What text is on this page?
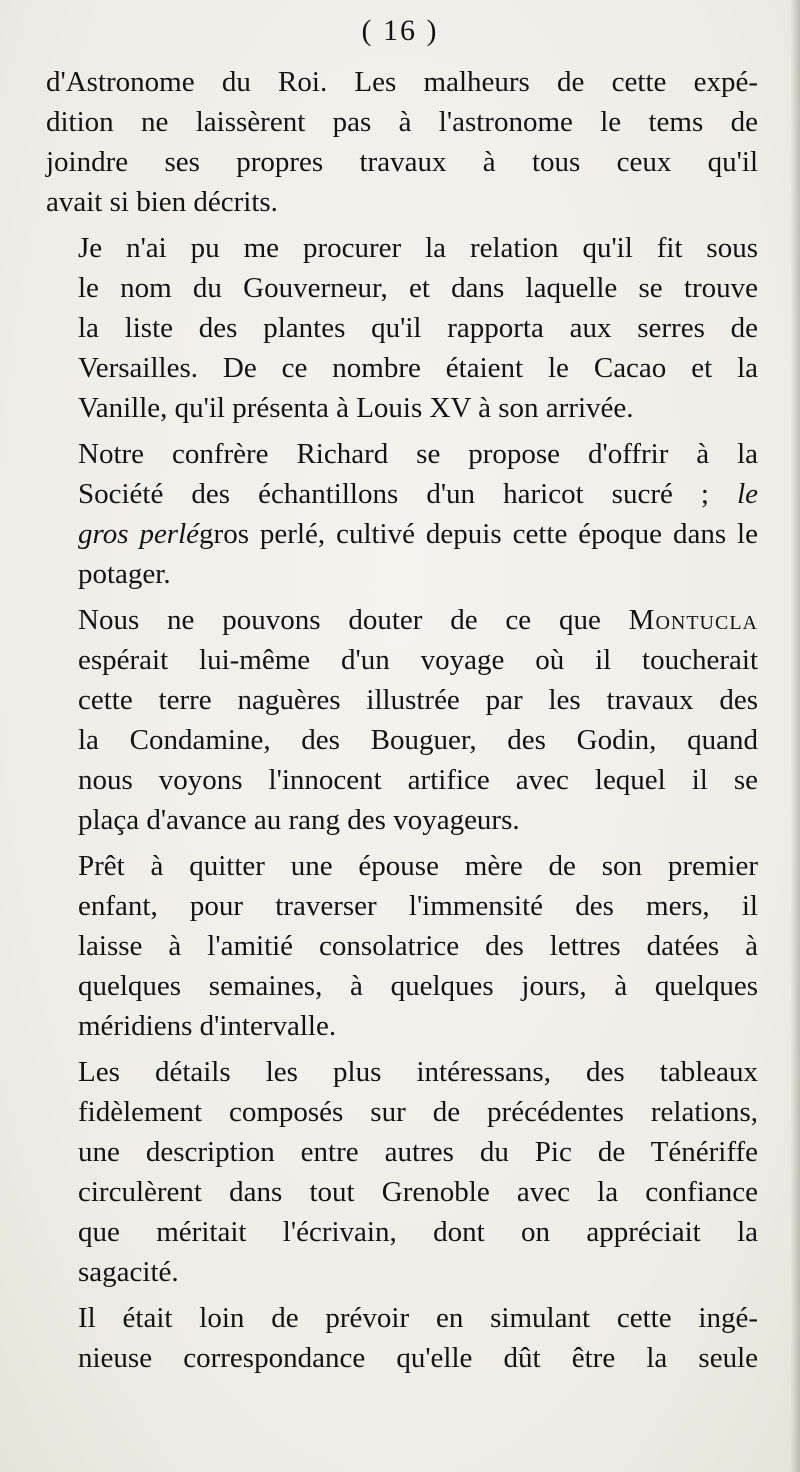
( 16 )

d'Astronome du Roi. Les malheurs de cette expé-
dition ne laissèrent pas à l'astronome le tems de
joindre ses propres travaux à tous ceux qu'il
avait si bien décrits.

Je n'ai pu me procurer la relation qu'il fit sous
le nom du Gouverneur, et dans laquelle se trouve
la liste des plantes qu'il rapporta aux serres de
Versailles. De ce nombre étaient le Cacao et la
Vanille, qu'il présenta à Louis XV à son arrivée.

Notre confrère Richard se propose d'offrir à la
Société des échantillons d'un haricot sucré ; le
gros perlégros perlé, cultivé depuis cette époque dans le
potager.

Nous ne pouvons douter de ce que Montucla
espérait lui-même d'un voyage où il toucherait
cette terre naguères illustrée par les travaux des
la Condamine, des Bouguer, des Godin, quand
nous voyons l'innocent artifice avec lequel il se
plaça d'avance au rang des voyageurs.

Prêt à quitter une épouse mère de son premier
enfant, pour traverser l'immensité des mers, il
laisse à l'amitié consolatrice des lettres datées à
quelques semaines, à quelques jours, à quelques
méridiens d'intervalle.

Les détails les plus intéressans, des tableaux
fidèlement composés sur de précédentes relations,
une description entre autres du Pic de Ténériffe
circulèrent dans tout Grenoble avec la confiance
que méritait l'écrivain, dont on appréciait la
sagacité.

Il était loin de prévoir en simulant cette ingé-
nieuse correspondance qu'elle dût être la seule
